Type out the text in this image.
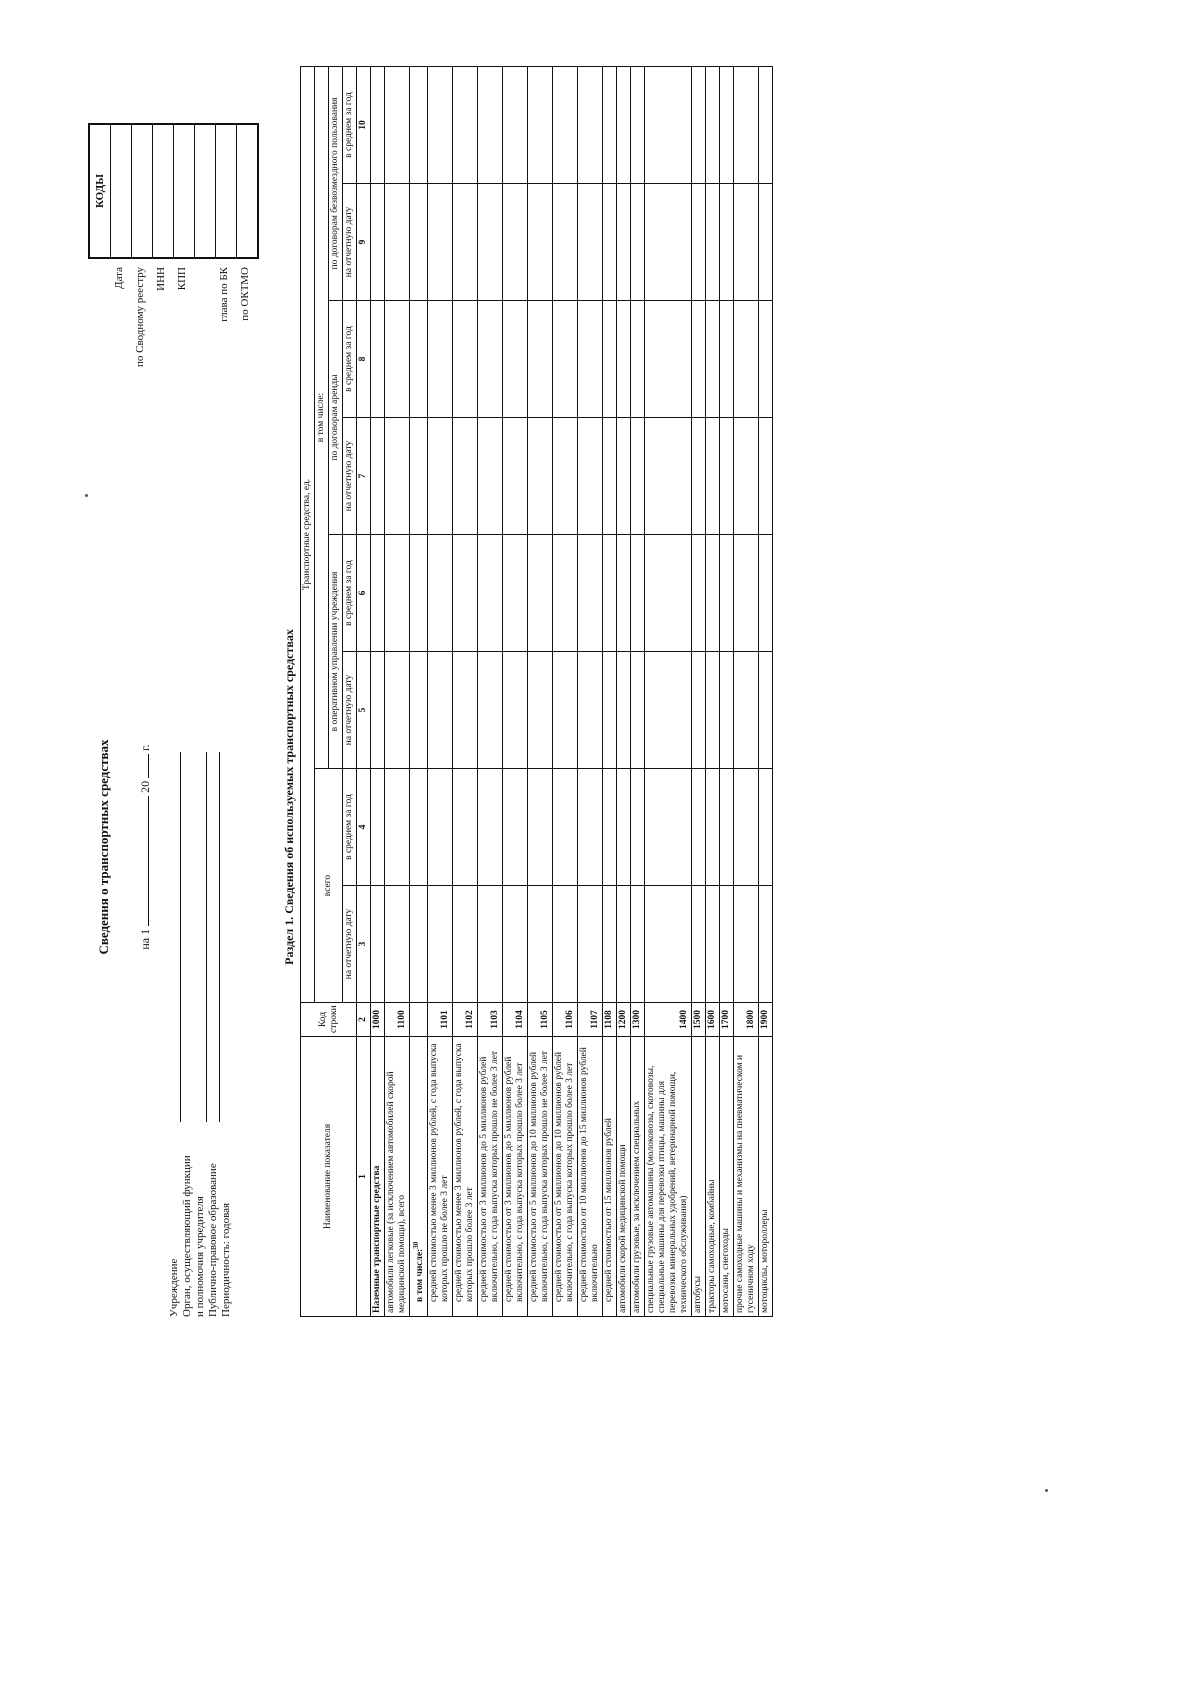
Сведения о транспортных средствах на 1  20  г.
Учреждение Орган, осуществляющий функции и полномочия учредителя Публично-правовое образование Периодичность: годовая

Дата по Сводному реестру ИНН КПП
	глава по БК по ОКТМО
КОДЫ

Раздел 1. Сведения об используемых транспортных средствах
Наименование показателя	Код строки	Транспортные средства, ед.							
		всего		в том числе:					
				в оперативном управлении учреждения		по договорам аренды		по договорам безвозмездного пользования	
		на отчетную дату	в среднем за год	на отчетную дату	в среднем за год	на отчетную дату	в среднем за год	на отчетную дату	в среднем за год
1	2	3	4	5	6	7	8	9	10
Наземные транспортные средства	1000								
автомобили легковые (за исключением автомобилей скорой медицинской помощи), всего	1100								
в том числе:$^{30}$									
средней стоимостью менее 3 миллионов рублей, с года выпуска которых прошло не более 3 лет	1101								
средней стоимостью менее 3 миллионов рублей, с года выпуска которых прошло более 3 лет	1102								
средней стоимостью от 3 миллионов до 5 миллионов рублей включительно, с года выпуска которых прошло не более 3 лет	1103								
средней стоимостью от 3 миллионов до 5 миллионов рублей включительно, с года выпуска которых прошло более 3 лет	1104								
средней стоимостью от 5 миллионов до 10 миллионов рублей включительно, с года выпуска которых прошло не более 3 лет	1105								
средней стоимостью от 5 миллионов до 10 миллионов рублей включительно, с года выпуска которых прошло более 3 лет	1106								
средней стоимостью от 10 миллионов до 15 миллионов рублей включительно	1107								
средней стоимостью от 15 миллионов рублей	1108								
автомобили скорой медицинской помощи	1200								
автомобили грузовые, за исключением специальных	1300								
специальные грузовые автомашины (молоковозы, скотовозы, специальные машины для перевозки птицы, машины для перевозки минеральных удобрений, ветеринарной помощи, технического обслуживания)	1400								
автобусы	1500								
тракторы самоходные, комбайны	1600								
мотосани, снегоходы	1700								
прочие самоходные машины и механизмы на пневматическом и гусеничном ходу	1800								
мотоциклы, мотороллеры	1900								
